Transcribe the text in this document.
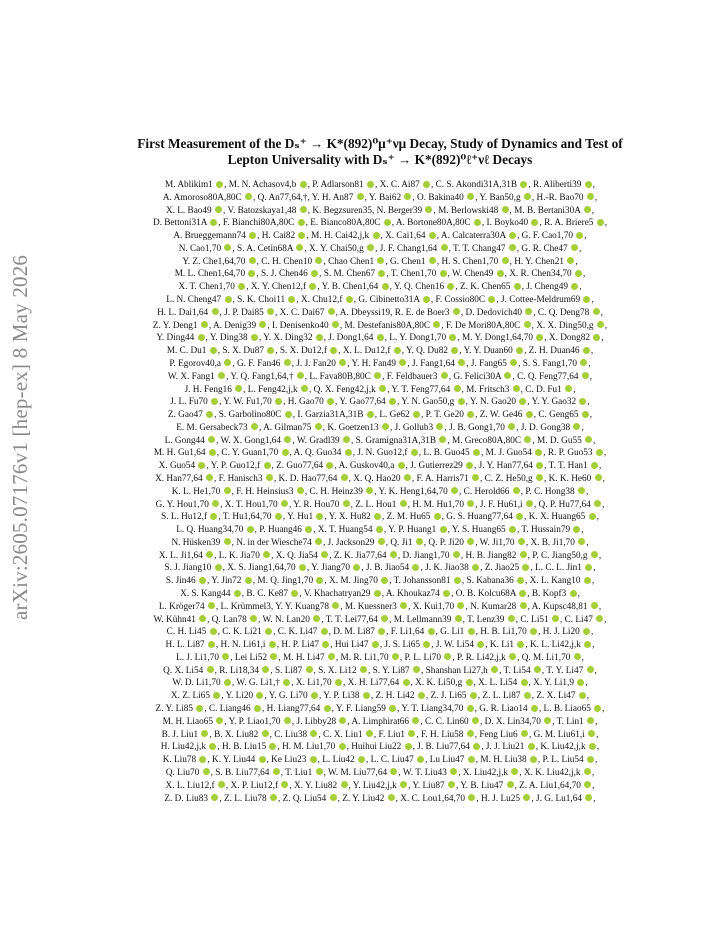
arXiv:2605.07176v1 [hep-ex] 8 May 2026
First Measurement of the Dₛ⁺ → K*(892)⁰μ⁺νμ Decay, Study of Dynamics and Test of
Lepton Universality with Dₛ⁺ → K*(892)⁰ℓ⁺νℓ Decays
M. Ablikim1 , M. N. Achasov4,b , P. Adlarson81 , X. C. Ai87 , C. S. Akondi31A,31B , R. Aliberti39 ,
A. Amoroso80A,80C , Q. An77,64,†, Y. H. An87 , Y. Bai62 , O. Bakina40 , Y. Ban50,g , H.-R. Bao70 ,
X. L. Bao49 , V. Batozskaya1,48 , K. Begzsuren35, N. Berger39 , M. Berlowski48 , M. B. Bertani30A ,
D. Bettoni31A , F. Bianchi80A,80C , E. Bianco80A,80C , A. Bortone80A,80C , I. Boyko40 , R. A. Briere5 ,
A. Brueggemann74 , H. Cai82 , M. H. Cai42,j,k , X. Cai1,64 , A. Calcaterra30A , G. F. Cao1,70 ,
N. Cao1,70 , S. A. Cetin68A , X. Y. Chai50,g , J. F. Chang1,64 , T. T. Chang47 , G. R. Che47 ,
Y. Z. Che1,64,70 , C. H. Chen10 , Chao Chen1 , G. Chen1 , H. S. Chen1,70 , H. Y. Chen21 ,
M. L. Chen1,64,70 , S. J. Chen46 , S. M. Chen67 , T. Chen1,70 , W. Chen49 , X. R. Chen34,70 ,
X. T. Chen1,70 , X. Y. Chen12,f , Y. B. Chen1,64 , Y. Q. Chen16 , Z. K. Chen65 , J. Cheng49 ,
L. N. Cheng47 , S. K. Choi11 , X. Chu12,f , G. Cibinetto31A , F. Cossio80C , J. Cottee-Meldrum69 ,
H. L. Dai1,64 , J. P. Dai85 , X. C. Dai67 , A. Dbeyssi19, R. E. de Boer3 , D. Dedovich40 , C. Q. Deng78 ,
Z. Y. Deng1 , A. Denig39 , I. Denisenko40 , M. Destefanis80A,80C , F. De Mori80A,80C , X. X. Ding50,g ,
Y. Ding44 , Y. Ding38 , Y. X. Ding32 , J. Dong1,64 , L. Y. Dong1,70 , M. Y. Dong1,64,70 , X. Dong82 ,
M. C. Du1 , S. X. Du87 , S. X. Du12,f , X. L. Du12,f , Y. Q. Du82 , Y. Y. Duan60 , Z. H. Duan46 ,
P. Egorov40,a , G. F. Fan46 , J. J. Fan20 , Y. H. Fan49 , J. Fang1,64 , J. Fang65 , S. S. Fang1,70 ,
W. X. Fang1 , Y. Q. Fang1,64,† , L. Fava80B,80C , F. Feldbauer3 , G. Felici30A , C. Q. Feng77,64 ,
J. H. Feng16 , L. Feng42,j,k , Q. X. Feng42,j,k , Y. T. Feng77,64 , M. Fritsch3 , C. D. Fu1 ,
J. L. Fu70 , Y. W. Fu1,70 , H. Gao70 , Y. Gao77,64 , Y. N. Gao50,g , Y. N. Gao20 , Y. Y. Gao32 ,
Z. Gao47 , S. Garbolino80C , I. Garzia31A,31B , L. Ge62 , P. T. Ge20 , Z. W. Ge46 , C. Geng65 ,
E. M. Gersabeck73 , A. Gilman75 , K. Goetzen13 , J. Gollub3 , J. B. Gong1,70 , J. D. Gong38 ,
L. Gong44 , W. X. Gong1,64 , W. Gradl39 , S. Gramigna31A,31B , M. Greco80A,80C , M. D. Gu55 ,
M. H. Gu1,64 , C. Y. Guan1,70 , A. Q. Guo34 , J. N. Guo12,f , L. B. Guo45 , M. J. Guo54 , R. P. Guo53 ,
X. Guo54 , Y. P. Guo12,f , Z. Guo77,64 , A. Guskov40,a , J. Gutierrez29 , J. Y. Han77,64 , T. T. Han1 ,
X. Han77,64 , F. Hanisch3 , K. D. Hao77,64 , X. Q. Hao20 , F. A. Harris71 , C. Z. He50,g , K. K. He60 ,
K. L. He1,70 , F. H. Heinsius3 , C. H. Heinz39 , Y. K. Heng1,64,70 , C. Herold66 , P. C. Hong38 ,
G. Y. Hou1,70 , X. T. Hou1,70 , Y. R. Hou70 , Z. L. Hou1 , H. M. Hu1,70 , J. F. Hu61,i , Q. P. Hu77,64 ,
S. L. Hu12,f , T. Hu1,64,70 , Y. Hu1 , Y. X. Hu82 , Z. M. Hu65 , G. S. Huang77,64 , K. X. Huang65 ,
L. Q. Huang34,70 , P. Huang46 , X. T. Huang54 , Y. P. Huang1 , Y. S. Huang65 , T. Hussain79 ,
N. Hüsken39 , N. in der Wiesche74 , J. Jackson29 , Q. Ji1 , Q. P. Ji20 , W. Ji1,70 , X. B. Ji1,70 ,
X. L. Ji1,64 , L. K. Jia70 , X. Q. Jia54 , Z. K. Jia77,64 , D. Jiang1,70 , H. B. Jiang82 , P. C. Jiang50,g ,
S. J. Jiang10 , X. S. Jiang1,64,70 , Y. Jiang70 , J. B. Jiao54 , J. K. Jiao38 , Z. Jiao25 , L. C. L. Jin1 ,
S. Jin46 , Y. Jin72 , M. Q. Jing1,70 , X. M. Jing70 , T. Johansson81 , S. Kabana36 , X. L. Kang10 ,
X. S. Kang44 , B. C. Ke87 , V. Khachatryan29 , A. Khoukaz74 , O. B. Kolcu68A , B. Kopf3 ,
L. Kröger74 , L. Krümmel3, Y. Y. Kuang78 , M. Kuessner3 , X. Kui1,70 , N. Kumar28 , A. Kupsc48,81 ,
W. Kühn41 , Q. Lan78 , W. N. Lan20 , T. T. Lei77,64 , M. Lellmann39 , T. Lenz39 , C. Li51 , C. Li47 ,
C. H. Li45 , C. K. Li21 , C. K. Li47 , D. M. Li87 , F. Li1,64 , G. Li1 , H. B. Li1,70 , H. J. Li20 ,
H. L. Li87 , H. N. Li61,i , H. P. Li47 , Hui Li47 , J. S. Li65 , J. W. Li54 , K. Li1 , K. L. Li42,j,k ,
L. J. Li1,70 , Lei Li52 , M. H. Li47 , M. R. Li1,70 , P. L. Li70 , P. R. Li42,j,k , Q. M. Li1,70 ,
Q. X. Li54 , R. Li18,34 , S. Li87 , S. X. Li12 , S. Y. Li87 , Shanshan Li27,h , T. Li54 , T. Y. Li47 ,
W. D. Li1,70 , W. G. Li1,† , X. Li1,70 , X. H. Li77,64 , X. K. Li50,g , X. L. Li54 , X. Y. Li1,9 ,
X. Z. Li65 , Y. Li20 , Y. G. Li70 , Y. P. Li38 , Z. H. Li42 , Z. J. Li65 , Z. L. Li87 , Z. X. Li47 ,
Z. Y. Li85 , C. Liang46 , H. Liang77,64 , Y. F. Liang59 , Y. T. Liang34,70 , G. R. Liao14 , L. B. Liao65 ,
M. H. Liao65 , Y. P. Liao1,70 , J. Libby28 , A. Limphirat66 , C. C. Lin60 , D. X. Lin34,70 , T. Lin1 ,
B. J. Liu1 , B. X. Liu82 , C. Liu38 , C. X. Liu1 , F. Liu1 , F. H. Liu58 , Feng Liu6 , G. M. Liu61,i ,
H. Liu42,j,k , H. B. Liu15 , H. M. Liu1,70 , Huihui Liu22 , J. B. Liu77,64 , J. J. Liu21 , K. Liu42,j,k ,
K. Liu78 , K. Y. Liu44 , Ke Liu23 , L. Liu42 , L. C. Liu47 , Lu Liu47 , M. H. Liu38 , P. L. Liu54 ,
Q. Liu70 , S. B. Liu77,64 , T. Liu1 , W. M. Liu77,64 , W. T. Liu43 , X. Liu42,j,k , X. K. Liu42,j,k ,
X. L. Liu12,f , X. P. Liu12,f , X. Y. Liu82 , Y. Liu42,j,k , Y. Liu87 , Y. B. Liu47 , Z. A. Liu1,64,70 ,
Z. D. Liu83 , Z. L. Liu78 , Z. Q. Liu54 , Z. Y. Liu42 , X. C. Lou1,64,70 , H. J. Lu25 , J. G. Lu1,64 ,
